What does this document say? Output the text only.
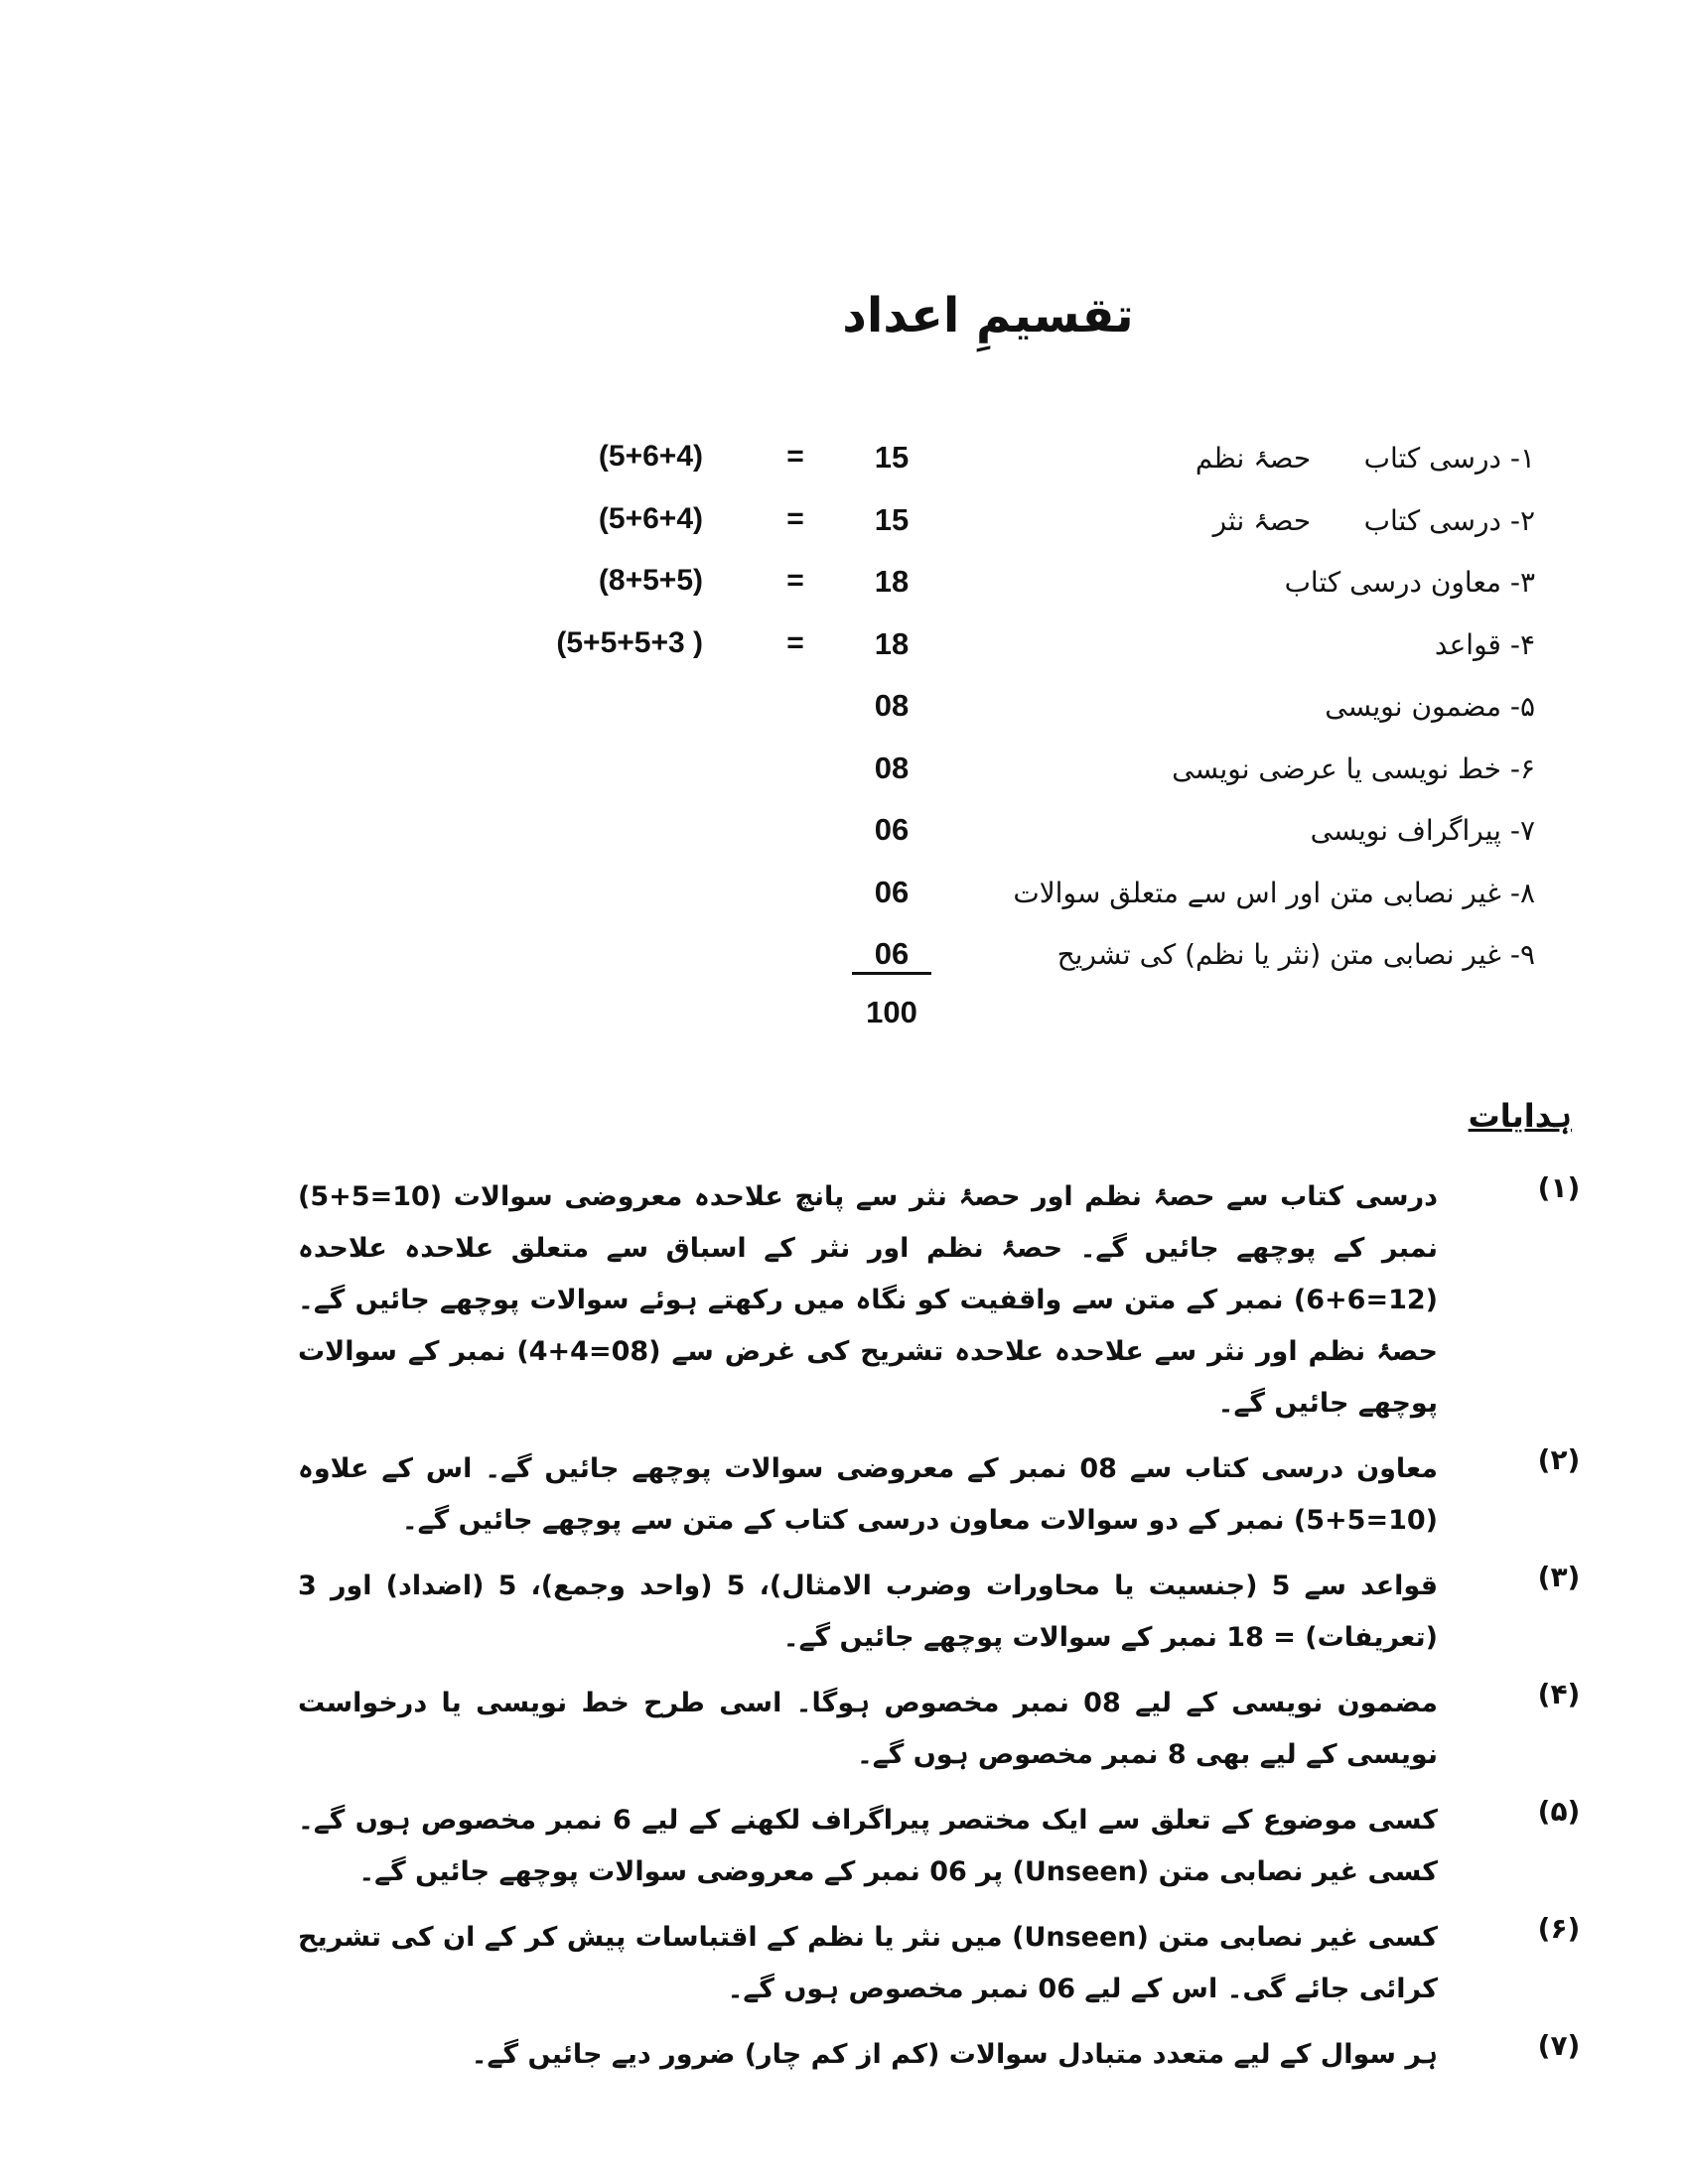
تقسیمِ اعداد
۱- درسی کتاب      حصۂ نظم
15
=
(5+6+4)
۲- درسی کتاب      حصۂ نثر
15
=
(5+6+4)
۳- معاون درسی کتاب
18
=
(8+5+5)
۴- قواعد
18
=
(5+5+5+3 )
۵- مضمون نویسی
08
۶- خط نویسی یا عرضی نویسی
08
۷- پیراگراف نویسی
06
۸- غیر نصابی متن اور اس سے متعلق سوالات
06
۹- غیر نصابی متن (نثر یا نظم) کی تشریح
06
100
ہدایات
(۱)
درسی کتاب سے حصۂ نظم اور حصۂ نثر سے پانچ علاحدہ معروضی سوالات (10=5+5) نمبر کے پوچھے جائیں گے۔ حصۂ نظم اور نثر کے اسباق سے متعلق علاحدہ علاحدہ (12=6+6) نمبر کے متن سے واقفیت کو نگاہ میں رکھتے ہوئے سوالات پوچھے جائیں گے۔ حصۂ نظم اور نثر سے علاحدہ علاحدہ تشریح کی غرض سے (08=4+4) نمبر کے سوالات پوچھے جائیں گے۔
(۲)
معاون درسی کتاب سے 08 نمبر کے معروضی سوالات پوچھے جائیں گے۔ اس کے علاوہ (10=5+5) نمبر کے دو سوالات معاون درسی کتاب کے متن سے پوچھے جائیں گے۔
(۳)
قواعد سے 5 (جنسیت یا محاورات وضرب الامثال)، 5 (واحد وجمع)، 5 (اضداد) اور 3 (تعریفات) = 18 نمبر کے سوالات پوچھے جائیں گے۔
(۴)
مضمون نویسی کے لیے 08 نمبر مخصوص ہوگا۔ اسی طرح خط نویسی یا درخواست نویسی کے لیے بھی 8 نمبر مخصوص ہوں گے۔
(۵)
کسی موضوع کے تعلق سے ایک مختصر پیراگراف لکھنے کے لیے 6 نمبر مخصوص ہوں گے۔ کسی غیر نصابی متن (Unseen) پر 06 نمبر کے معروضی سوالات پوچھے جائیں گے۔
(۶)
کسی غیر نصابی متن (Unseen) میں نثر یا نظم کے اقتباسات پیش کر کے ان کی تشریح کرائی جائے گی۔ اس کے لیے 06 نمبر مخصوص ہوں گے۔
(۷)
ہر سوال کے لیے متعدد متبادل سوالات (کم از کم چار) ضرور دیے جائیں گے۔
